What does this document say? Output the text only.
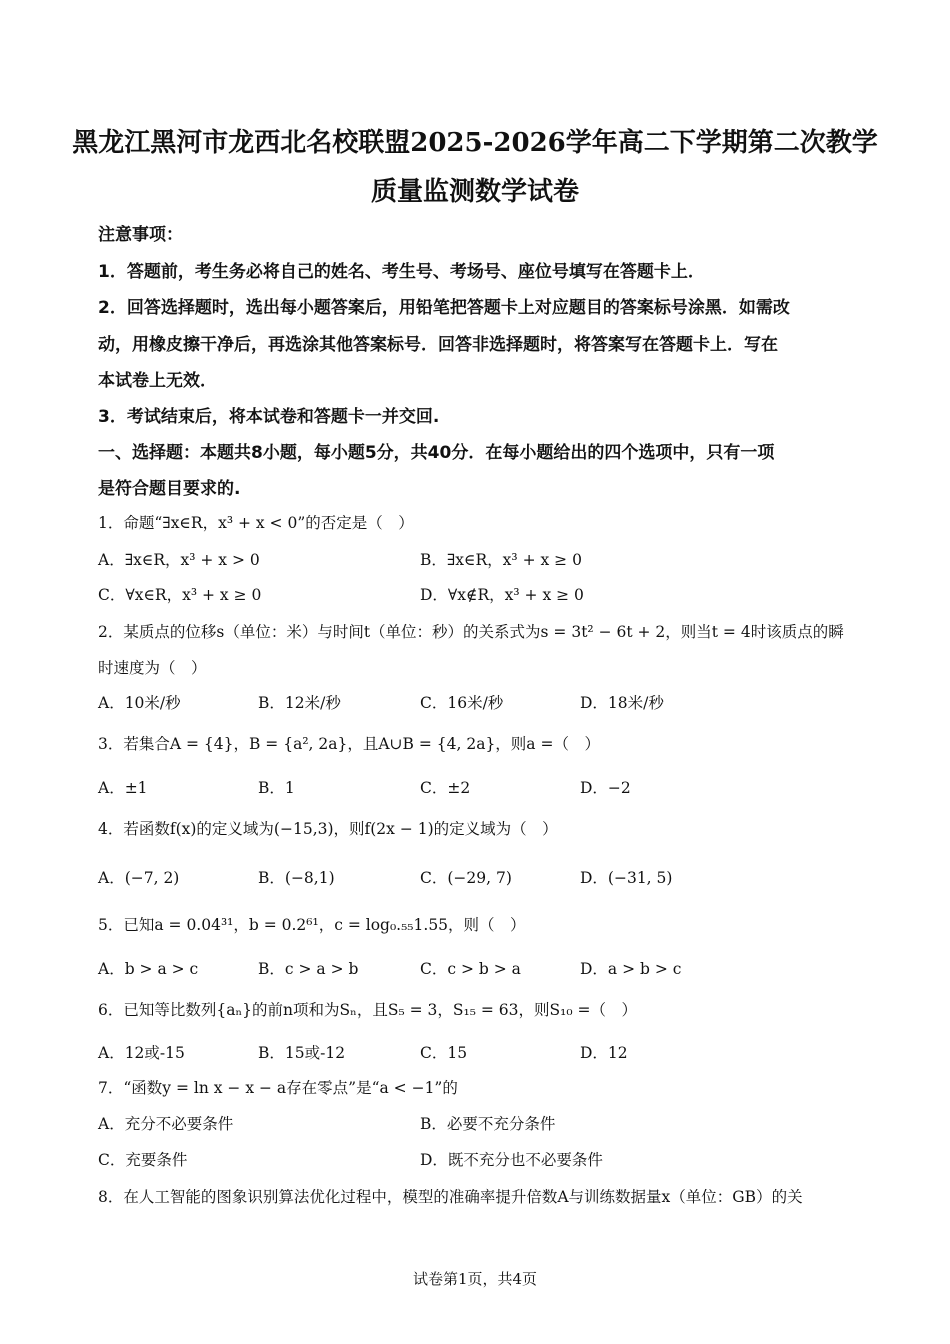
黑龙江黑河市龙西北名校联盟2025-2026学年高二下学期第二次教学
质量监测数学试卷
注意事项：
1．答题前，考生务必将自己的姓名、考生号、考场号、座位号填写在答题卡上．
2．回答选择题时，选出每小题答案后，用铅笔把答题卡上对应题目的答案标号涂黑．如需改
动，用橡皮擦干净后，再选涂其他答案标号．回答非选择题时，将答案写在答题卡上．写在
本试卷上无效．
3．考试结束后，将本试卷和答题卡一并交回.
一、选择题：本题共8小题，每小题5分，共40分．在每小题给出的四个选项中，只有一项
是符合题目要求的.
1．命题“∃x∈R，x³ + x < 0”的否定是（　）
A．∃x∈R，x³ + x > 0	B．∃x∈R，x³ + x ≥ 0
C．∀x∈R，x³ + x ≥ 0	D．∀x∉R，x³ + x ≥ 0
2．某质点的位移s（单位：米）与时间t（单位：秒）的关系式为s = 3t² − 6t + 2，则当t = 4时该质点的瞬
时速度为（　）
A．10米/秒	B．12米/秒	C．16米/秒	D．18米/秒
3．若集合A = {4}，B = {a², 2a}，且A∪B = {4, 2a}，则a =（　）
A．±1	B．1	C．±2	D．−2
4．若函数f(x)的定义域为(−15,3)，则f(2x − 1)的定义域为（　）
A．(−7, 2)	B．(−8,1)	C．(−29, 7)	D．(−31, 5)
5．已知a = 0.04³¹，b = 0.2⁶¹，c = log₀.₅₅1.55，则（　）
A．b > a > c	B．c > a > b	C．c > b > a	D．a > b > c
6．已知等比数列{aₙ}的前n项和为Sₙ，且S₅ = 3，S₁₅ = 63，则S₁₀ =（　）
A．12或-15	B．15或-12	C．15	D．12
7．“函数y = ln x − x − a存在零点”是“a < −1”的
A．充分不必要条件	B．必要不充分条件
C．充要条件	D．既不充分也不必要条件
8．在人工智能的图象识别算法优化过程中，模型的准确率提升倍数A与训练数据量x（单位：GB）的关
试卷第1页，共4页
